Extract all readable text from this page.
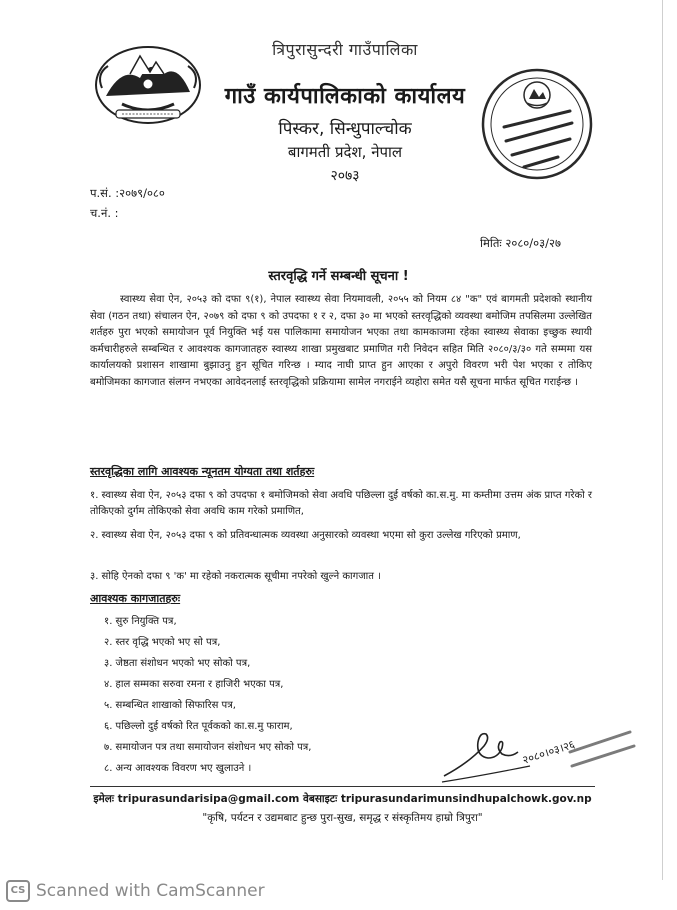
त्रिपुरासुन्दरी गाउँपालिका
गाउँ कार्यपालिकाको कार्यालय
पिस्कर, सिन्धुपाल्चोक
बागमती प्रदेश, नेपाल
२०७३
प.सं. :२०७९/०८०
च.नं. :
मितिः २०८०/०३/२७
स्तरवृद्धि गर्ने सम्बन्धी सूचना !
स्वास्थ्य सेवा ऐन, २०५३ को दफा ९(१), नेपाल स्वास्थ्य सेवा नियमावली, २०५५ को नियम ८४ "क" एवं बागमती प्रदेशको स्थानीय सेवा (गठन तथा) संचालन ऐन, २०७९ को दफा ९ को उपदफा १ र २, दफा ३० मा भएको स्तरवृद्धिको व्यवस्था बमोजिम तपसिलमा उल्लेखित शर्तहरु पुरा भएको समायोजन पूर्व नियुक्ति भई यस पालिकामा समायोजन भएका तथा कामकाजमा रहेका स्वास्थ्य सेवाका इच्छुक स्थायी कर्मचारीहरुले सम्बन्धित र आवश्यक कागजातहरु स्वास्थ्य शाखा प्रमुखबाट प्रमाणित गरी निवेदन सहित मिति २०८०/३/३० गते सम्ममा यस कार्यालयको प्रशासन शाखामा बुझाउनु हुन सूचित गरिन्छ । म्याद नाघी प्राप्त हुन आएका र अपुरो विवरण भरी पेश भएका र तोकिए बमोजिमका कागजात संलग्न नभएका आवेदनलाई स्तरवृद्धिको प्रक्रियामा सामेल नगराईने व्यहोरा समेत यसै सूचना मार्फत सूचित गराईन्छ ।
स्तरवृद्धिका लागि आवश्यक न्यूनतम योग्यता तथा शर्तहरुः
१. स्वास्थ्य सेवा ऐन, २०५३ दफा ९ को उपदफा १ बमोजिमको सेवा अवधि पछिल्ला दुई वर्षको का.स.मु. मा कम्तीमा उत्तम अंक प्राप्त गरेको र तोकिएको दुर्गम तोकिएको सेवा अवधि काम गरेको प्रमाणित,
२. स्वास्थ्य सेवा ऐन, २०५३ दफा ९ को प्रतिवन्धात्मक व्यवस्था अनुसारको व्यवस्था भएमा सो कुरा उल्लेख गरिएको प्रमाण,
३. सोहि ऐनको दफा ९ 'क' मा रहेको नकरात्मक सूचीमा नपरेको खुल्ने कागजात ।
आवश्यक कागजातहरुः
१. सुरु नियुक्ति पत्र,
२. स्तर वृद्धि भएको भए सो पत्र,
३. जेष्ठता संशोधन भएको भए सोको पत्र,
४. हाल सम्मका सरुवा रमना र हाजिरी भएका पत्र,
५. सम्बन्धित शाखाको सिफारिस पत्र,
६. पछिल्लो दुई वर्षको रित पूर्वकको का.स.मु फाराम,
७. समायोजन पत्र तथा समायोजन संशोधन भए सोको पत्र,
८. अन्य आवश्यक विवरण भए खुलाउने ।
२०८०।०३।२६
इमेलः tripurasundarisipa@gmail.com वेबसाइटः tripurasundarimunsindhupalchowk.gov.np
"कृषि, पर्यटन र उद्यमबाट हुन्छ पुरा-सुख, समृद्ध र संस्कृतिमय हाम्रो त्रिपुरा"
CS Scanned with CamScanner
